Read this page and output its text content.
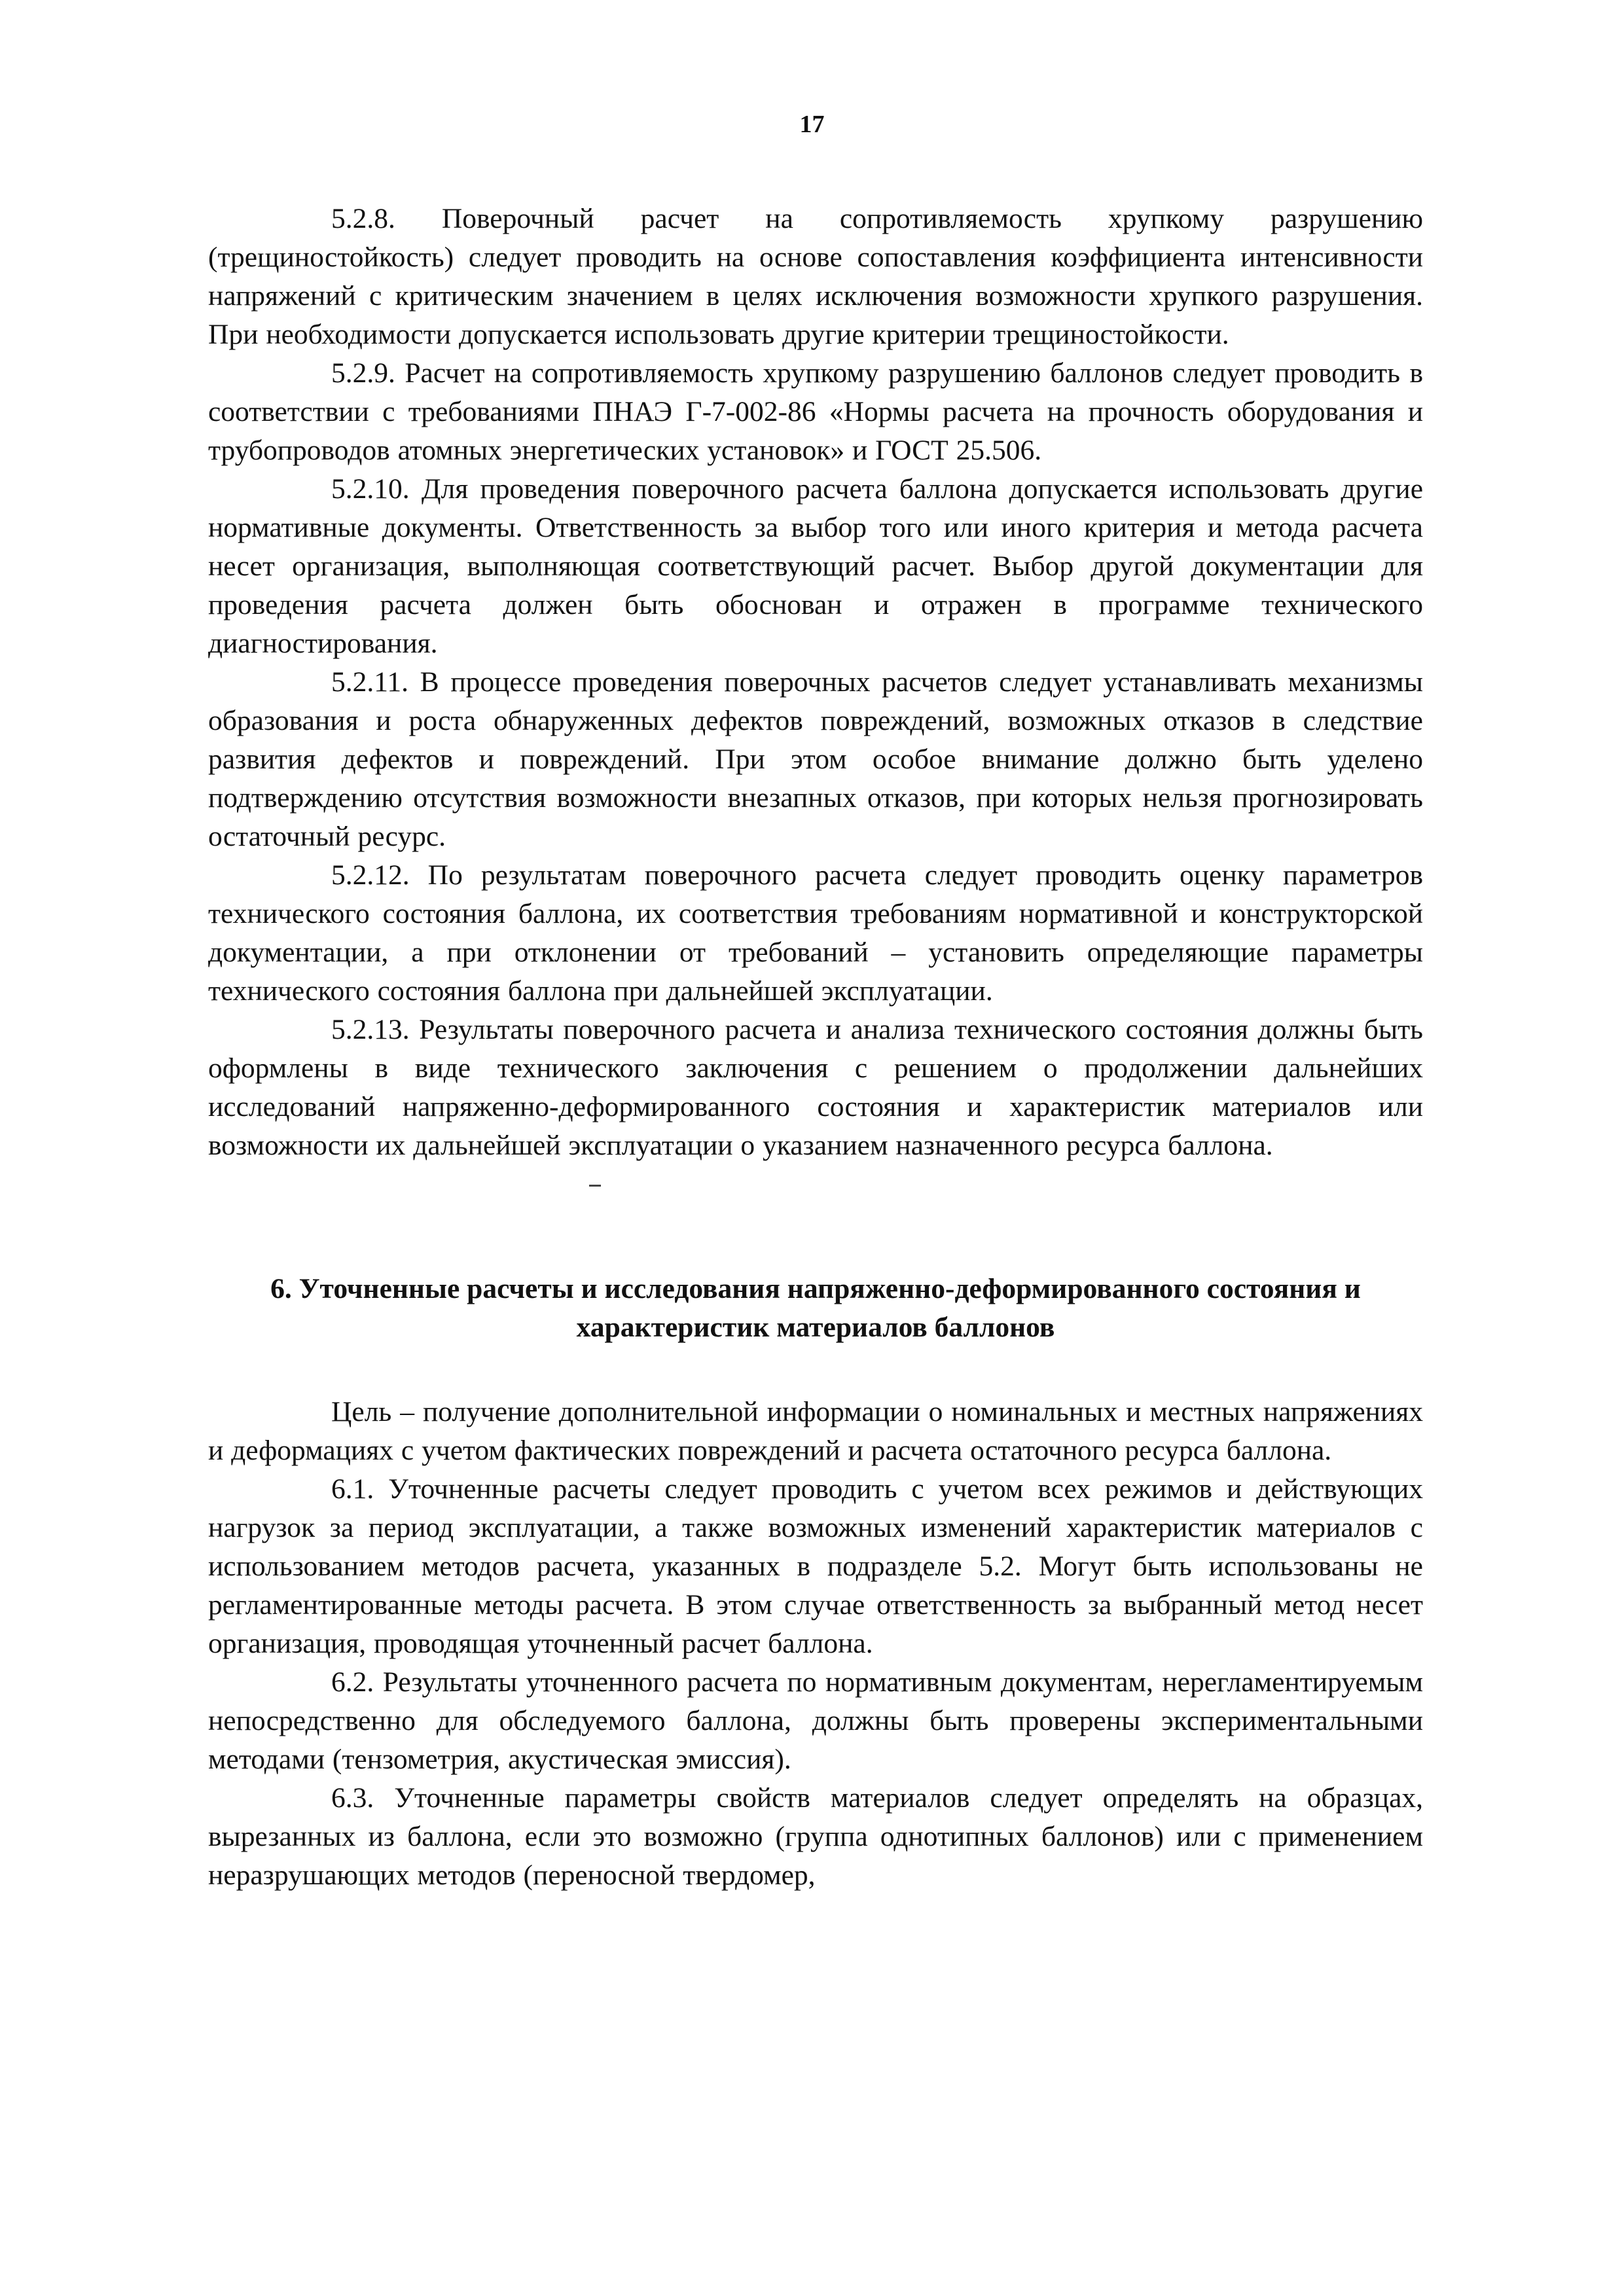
17

5.2.8. Поверочный расчет на сопротивляемость хрупкому разрушению (трещиностойкость) следует проводить на основе сопоставления коэффициента интенсивности напряжений с критическим значением в целях исключения возможности хрупкого разрушения. При необходимости допускается использовать другие критерии трещиностойкости.

5.2.9. Расчет на сопротивляемость хрупкому разрушению баллонов следует проводить в соответствии с требованиями ПНАЭ Г-7-002-86 «Нормы расчета на прочность оборудования и трубопроводов атомных энергетических установок» и ГОСТ 25.506.

5.2.10. Для проведения поверочного расчета баллона допускается использовать другие нормативные документы. Ответственность за выбор того или иного критерия и метода расчета несет организация, выполняющая соответствующий расчет. Выбор другой документации для проведения расчета должен быть обоснован и отражен в программе технического диагностирования.

5.2.11. В процессе проведения поверочных расчетов следует устанавливать механизмы образования и роста обнаруженных дефектов повреждений, возможных отказов в следствие развития дефектов и повреждений. При этом особое внимание должно быть уделено подтверждению отсутствия возможности внезапных отказов, при которых нельзя прогнозировать остаточный ресурс.

5.2.12. По результатам поверочного расчета следует проводить оценку параметров технического состояния баллона, их соответствия требованиям нормативной и конструкторской документации, а при отклонении от требований – установить определяющие параметры технического состояния баллона при дальнейшей эксплуатации.

5.2.13. Результаты поверочного расчета и анализа технического состояния должны быть оформлены в виде технического заключения с решением о продолжении дальнейших исследований напряженно-деформированного состояния и характеристик материалов или возможности их дальнейшей эксплуатации о указанием назначенного ресурса баллона.

6. Уточненные расчеты и исследования напряженно-деформированного состояния и характеристик материалов баллонов

Цель – получение дополнительной информации о номинальных и местных напряжениях и деформациях с учетом фактических повреждений и расчета остаточного ресурса баллона.

6.1. Уточненные расчеты следует проводить с учетом всех режимов и действующих нагрузок за период эксплуатации, а также возможных изменений характеристик материалов с использованием методов расчета, указанных в подразделе 5.2. Могут быть использованы не регламентированные методы расчета. В этом случае ответственность за выбранный метод несет организация, проводящая уточненный расчет баллона.

6.2. Результаты уточненного расчета по нормативным документам, нерегламентируемым непосредственно для обследуемого баллона, должны быть проверены экспериментальными методами (тензометрия, акустическая эмиссия).

6.3. Уточненные параметры свойств материалов следует определять на образцах, вырезанных из баллона, если это возможно (группа однотипных баллонов) или с применением неразрушающих методов (переносной твердомер,
